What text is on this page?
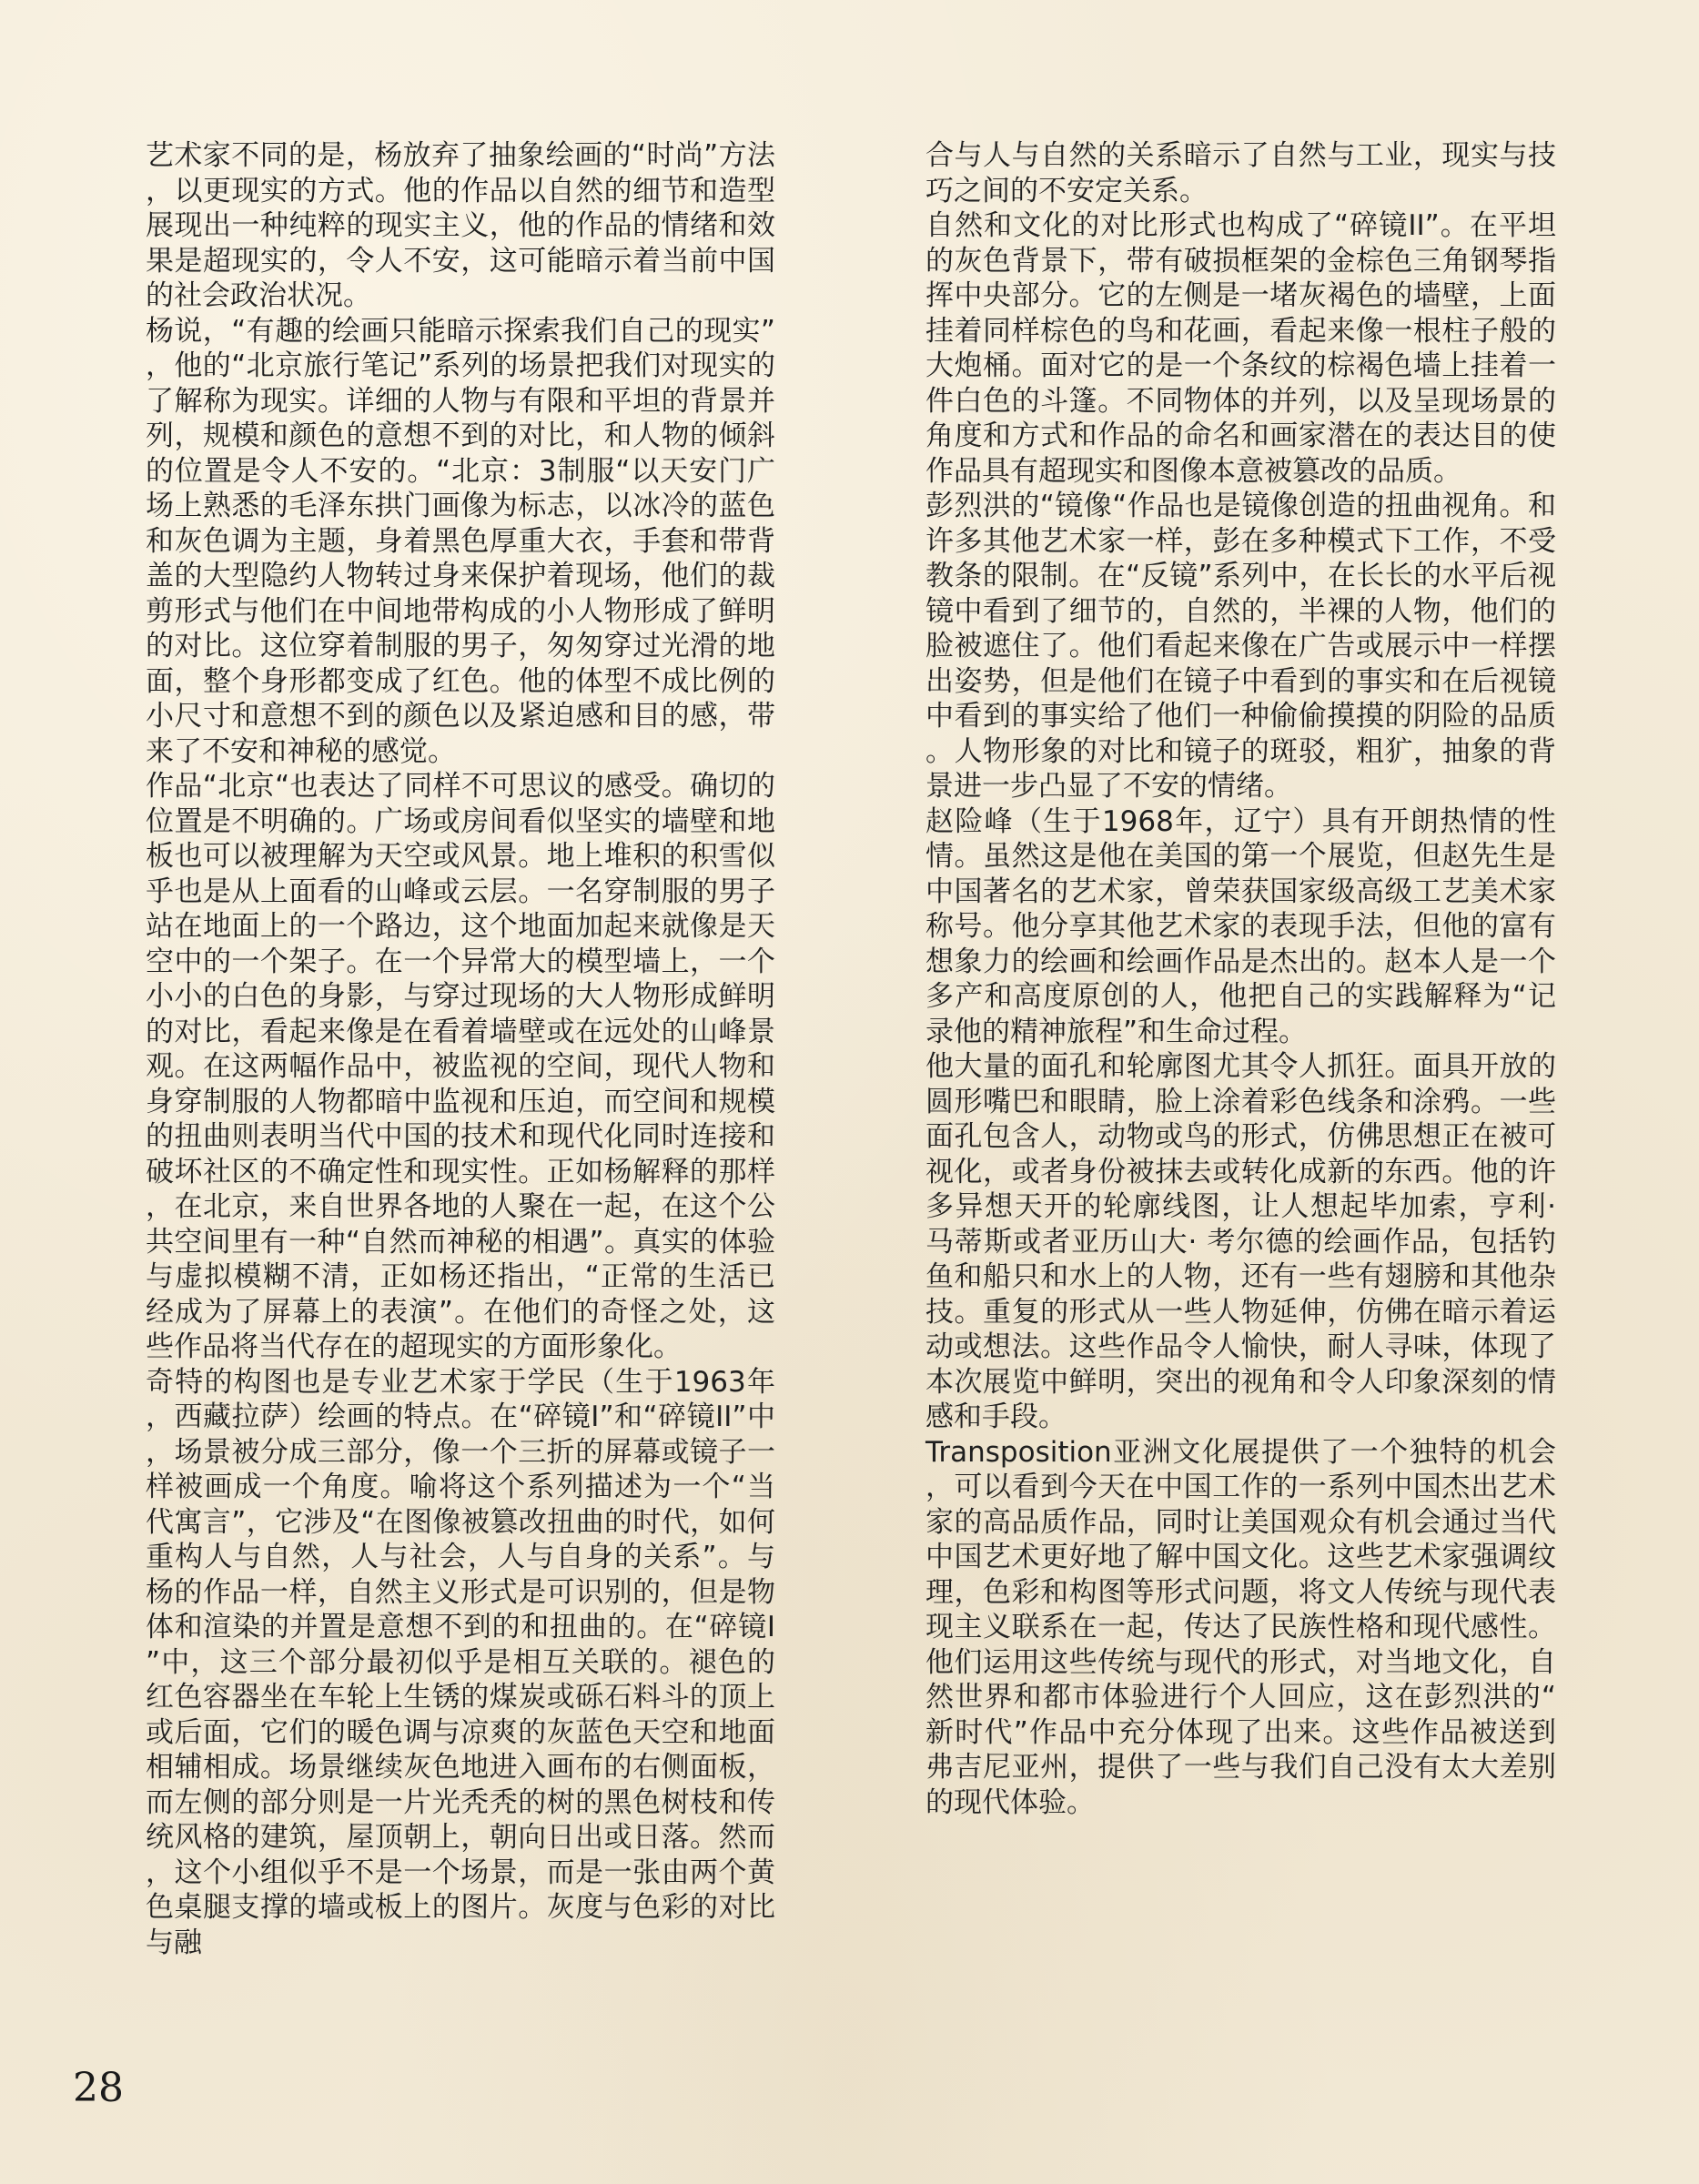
艺术家不同的是，杨放弃了抽象绘画的“时尚”方法，以更现实的方式。他的作品以自然的细节和造型展现出一种纯粹的现实主义，他的作品的情绪和效果是超现实的，令人不安，这可能暗示着当前中国的社会政治状况。

杨说，“有趣的绘画只能暗示探索我们自己的现实”，他的“北京旅行笔记”系列的场景把我们对现实的了解称为现实。详细的人物与有限和平坦的背景并列，规模和颜色的意想不到的对比，和人物的倾斜的位置是令人不安的。“北京：3制服“以天安门广场上熟悉的毛泽东拱门画像为标志，以冰冷的蓝色和灰色调为主题，身着黑色厚重大衣，手套和带背盖的大型隐约人物转过身来保护着现场，他们的裁剪形式与他们在中间地带构成的小人物形成了鲜明的对比。这位穿着制服的男子，匆匆穿过光滑的地面，整个身形都变成了红色。他的体型不成比例的小尺寸和意想不到的颜色以及紧迫感和目的感，带来了不安和神秘的感觉。

作品“北京“也表达了同样不可思议的感受。确切的位置是不明确的。广场或房间看似坚实的墙壁和地板也可以被理解为天空或风景。地上堆积的积雪似乎也是从上面看的山峰或云层。一名穿制服的男子站在地面上的一个路边，这个地面加起来就像是天空中的一个架子。在一个异常大的模型墙上，一个小小的白色的身影，与穿过现场的大人物形成鲜明的对比，看起来像是在看着墙壁或在远处的山峰景观。在这两幅作品中，被监视的空间，现代人物和身穿制服的人物都暗中监视和压迫，而空间和规模的扭曲则表明当代中国的技术和现代化同时连接和破坏社区的不确定性和现实性。正如杨解释的那样，在北京，来自世界各地的人聚在一起，在这个公共空间里有一种“自然而神秘的相遇”。真实的体验与虚拟模糊不清，正如杨还指出，“正常的生活已经成为了屏幕上的表演”。在他们的奇怪之处，这些作品将当代存在的超现实的方面形象化。

奇特的构图也是专业艺术家于学民（生于1963年，西藏拉萨）绘画的特点。在“碎镜I”和“碎镜II”中，场景被分成三部分，像一个三折的屏幕或镜子一样被画成一个角度。喻将这个系列描述为一个“当代寓言”，它涉及“在图像被篡改扭曲的时代，如何重构人与自然，人与社会，人与自身的关系”。与杨的作品一样，自然主义形式是可识别的，但是物体和渲染的并置是意想不到的和扭曲的。在“碎镜I”中，这三个部分最初似乎是相互关联的。褪色的红色容器坐在车轮上生锈的煤炭或砾石料斗的顶上或后面，它们的暖色调与凉爽的灰蓝色天空和地面相辅相成。场景继续灰色地进入画布的右侧面板，而左侧的部分则是一片光秃秃的树的黑色树枝和传统风格的建筑，屋顶朝上，朝向日出或日落。然而，这个小组似乎不是一个场景，而是一张由两个黄色桌腿支撑的墙或板上的图片。灰度与色彩的对比与融

合与人与自然的关系暗示了自然与工业，现实与技巧之间的不安定关系。

自然和文化的对比形式也构成了“碎镜II”。在平坦的灰色背景下，带有破损框架的金棕色三角钢琴指挥中央部分。它的左侧是一堵灰褐色的墙壁，上面挂着同样棕色的鸟和花画，看起来像一根柱子般的大炮桶。面对它的是一个条纹的棕褐色墙上挂着一件白色的斗篷。不同物体的并列，以及呈现场景的角度和方式和作品的命名和画家潜在的表达目的使作品具有超现实和图像本意被篡改的品质。

彭烈洪的“镜像“作品也是镜像创造的扭曲视角。和许多其他艺术家一样，彭在多种模式下工作，不受教条的限制。在“反镜”系列中，在长长的水平后视镜中看到了细节的，自然的，半裸的人物，他们的脸被遮住了。他们看起来像在广告或展示中一样摆出姿势，但是他们在镜子中看到的事实和在后视镜中看到的事实给了他们一种偷偷摸摸的阴险的品质。人物形象的对比和镜子的斑驳，粗犷，抽象的背景进一步凸显了不安的情绪。

赵险峰（生于1968年，辽宁）具有开朗热情的性情。虽然这是他在美国的第一个展览，但赵先生是中国著名的艺术家，曾荣获国家级高级工艺美术家称号。他分享其他艺术家的表现手法，但他的富有想象力的绘画和绘画作品是杰出的。赵本人是一个多产和高度原创的人，他把自己的实践解释为“记录他的精神旅程”和生命过程。

他大量的面孔和轮廓图尤其令人抓狂。面具开放的圆形嘴巴和眼睛，脸上涂着彩色线条和涂鸦。一些面孔包含人，动物或鸟的形式，仿佛思想正在被可视化，或者身份被抹去或转化成新的东西。他的许多异想天开的轮廓线图，让人想起毕加索，亨利· 马蒂斯或者亚历山大· 考尔德的绘画作品，包括钓鱼和船只和水上的人物，还有一些有翅膀和其他杂技。重复的形式从一些人物延伸，仿佛在暗示着运动或想法。这些作品令人愉快，耐人寻味，体现了本次展览中鲜明，突出的视角和令人印象深刻的情感和手段。

Transposition亚洲文化展提供了一个独特的机会，可以看到今天在中国工作的一系列中国杰出艺术家的高品质作品，同时让美国观众有机会通过当代中国艺术更好地了解中国文化。这些艺术家强调纹理，色彩和构图等形式问题，将文人传统与现代表现主义联系在一起，传达了民族性格和现代感性。他们运用这些传统与现代的形式，对当地文化，自然世界和都市体验进行个人回应，这在彭烈洪的“新时代”作品中充分体现了出来。这些作品被送到弗吉尼亚州，提供了一些与我们自己没有太大差别的现代体验。

28
